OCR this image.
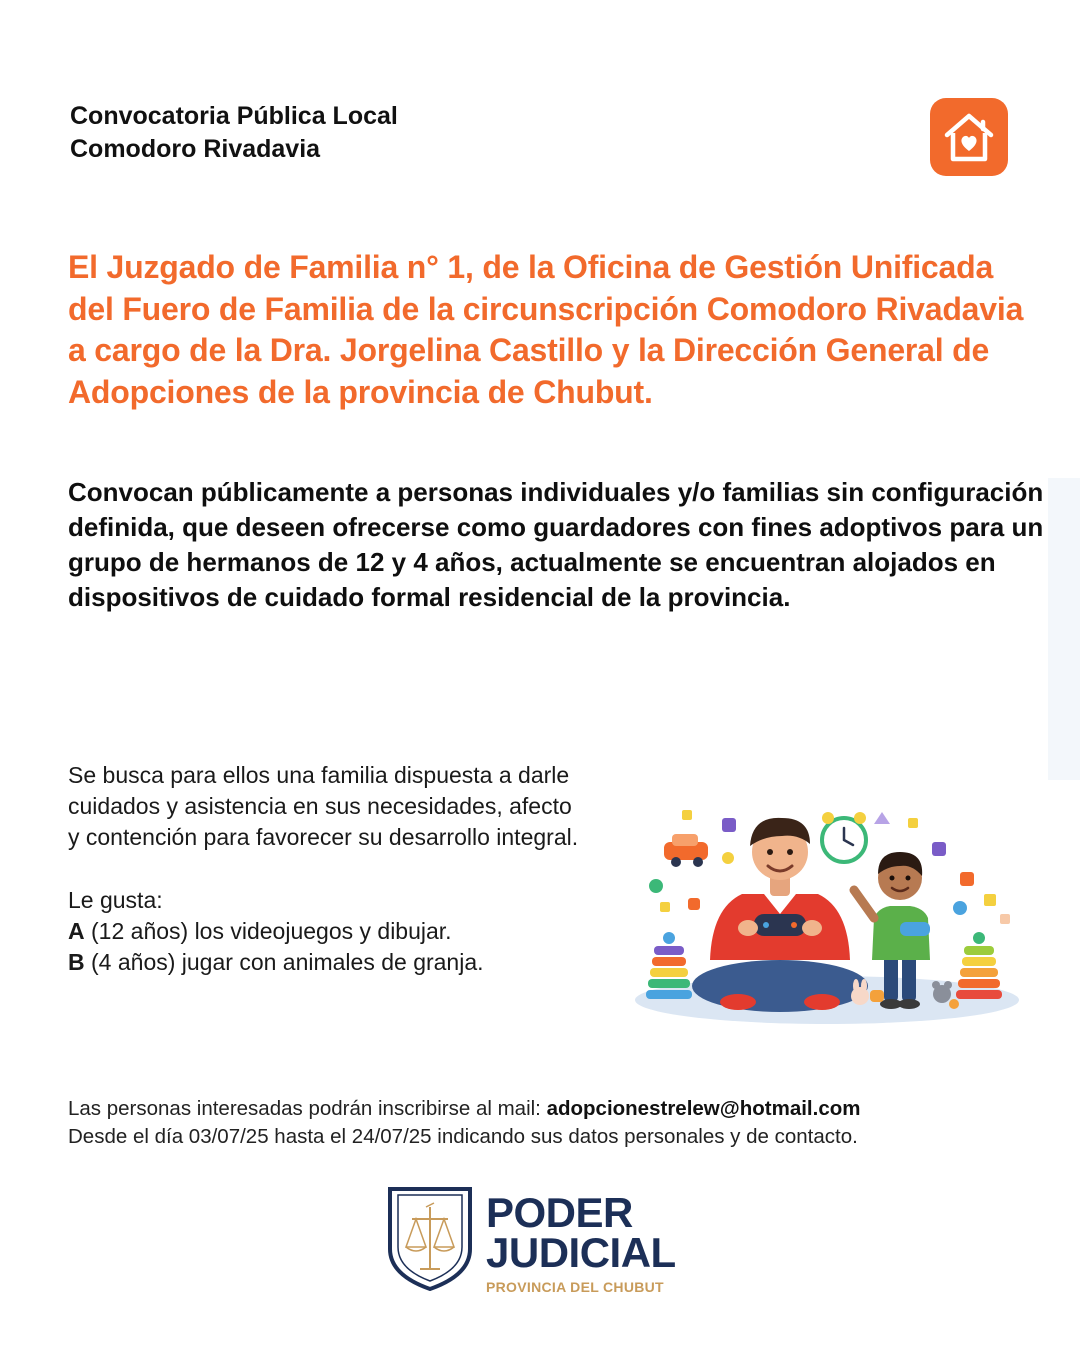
Convocatoria Pública Local
Comodoro Rivadavia
El Juzgado de Familia n° 1, de la Oficina de Gestión Unificada del Fuero de Familia de la circunscripción Comodoro Rivadavia a cargo de la Dra. Jorgelina Castillo y la Dirección General de Adopciones de la provincia de Chubut.
Convocan públicamente a personas individuales y/o familias sin configuración definida, que deseen ofrecerse como guardadores con fines adoptivos para un grupo de hermanos de 12 y 4 años, actualmente se encuentran alojados en dispositivos de cuidado formal residencial de la provincia.

Se busca para ellos una familia dispuesta a darle cuidados y asistencia en sus necesidades, afecto y contención para favorecer su desarrollo integral.

Le gusta:

A (12 años) los videojuegos y dibujar.

B (4 años) jugar con animales de granja.

Las personas interesadas podrán inscribirse al mail: adopcionestrelew@hotmail.com
Desde el día 03/07/25 hasta el 24/07/25 indicando sus datos personales y de contacto.
PODER
JUDICIAL
PROVINCIA DEL CHUBUT
